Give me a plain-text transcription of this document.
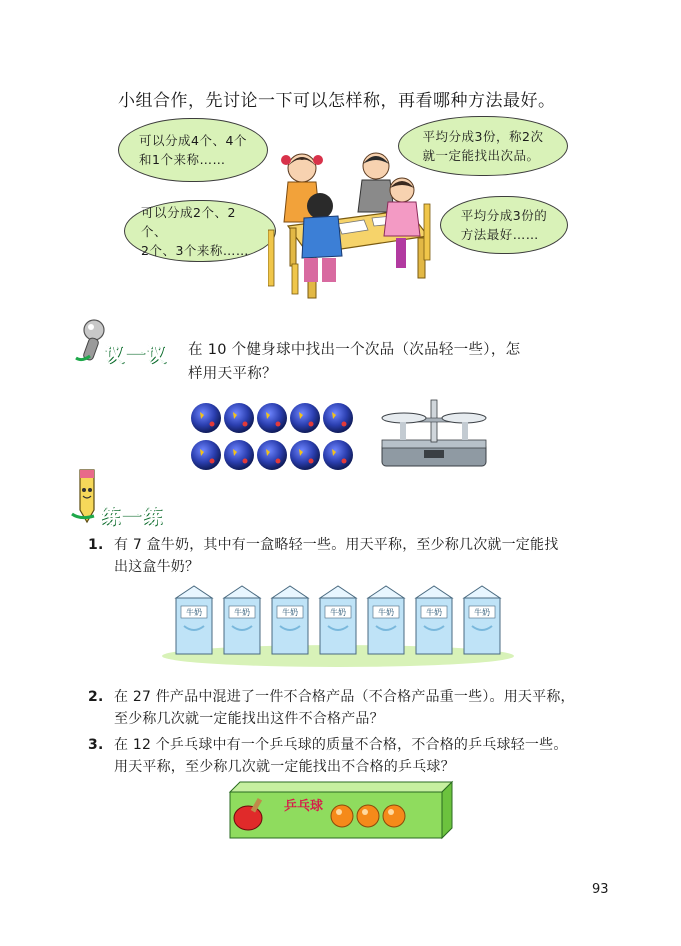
小组合作，先讨论一下可以怎样称，再看哪种方法最好。
可以分成4个、4个
和1个来称……
平均分成3份，称2次
就一定能找出次品。
可以分成2个、2个、
2个、3个来称……
平均分成3份的
方法最好……
议一议 在 10 个健身球中找出一个次品（次品轻一些），怎
样用天平称？
练一练
1. 有 7 盒牛奶，其中有一盒略轻一些。用天平称，至少称几次就一定能找
出这盒牛奶？
牛奶	牛奶	牛奶	牛奶	牛奶	牛奶	牛奶
2. 在 27 件产品中混进了一件不合格产品（不合格产品重一些）。用天平称，
至少称几次就一定能找出这件不合格产品？
3. 在 12 个乒乓球中有一个乒乓球的质量不合格，不合格的乒乓球轻一些。
用天平称，至少称几次就一定能找出不合格的乒乓球？
乒乓球
93
